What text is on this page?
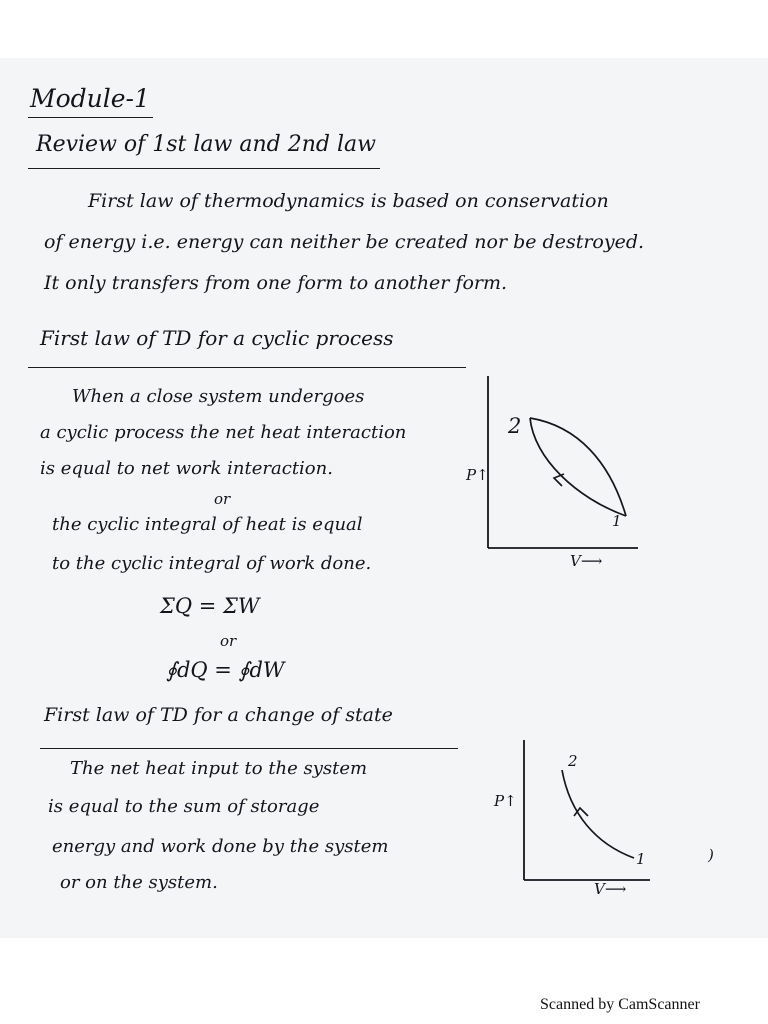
Module-1
Review of 1st law and 2nd law
First law of thermodynamics is based on conservation
of energy i.e. energy can neither be created nor be destroyed.
It only transfers from one form to another form.
First law of TD for a cyclic process
When a close system undergoes
a cyclic process the net heat interaction
is equal to net work interaction.
or
the cyclic integral of heat is equal
to the cyclic integral of work done.
ΣQ = ΣW
or
∮dQ = ∮dW
2
1
P↑
V⟶
First law of TD for a change of state
The net heat input to the system
is equal to the sum of storage
energy and work done by the system
or on the system.
2
1	)
P↑
V⟶
Scanned by CamScanner
